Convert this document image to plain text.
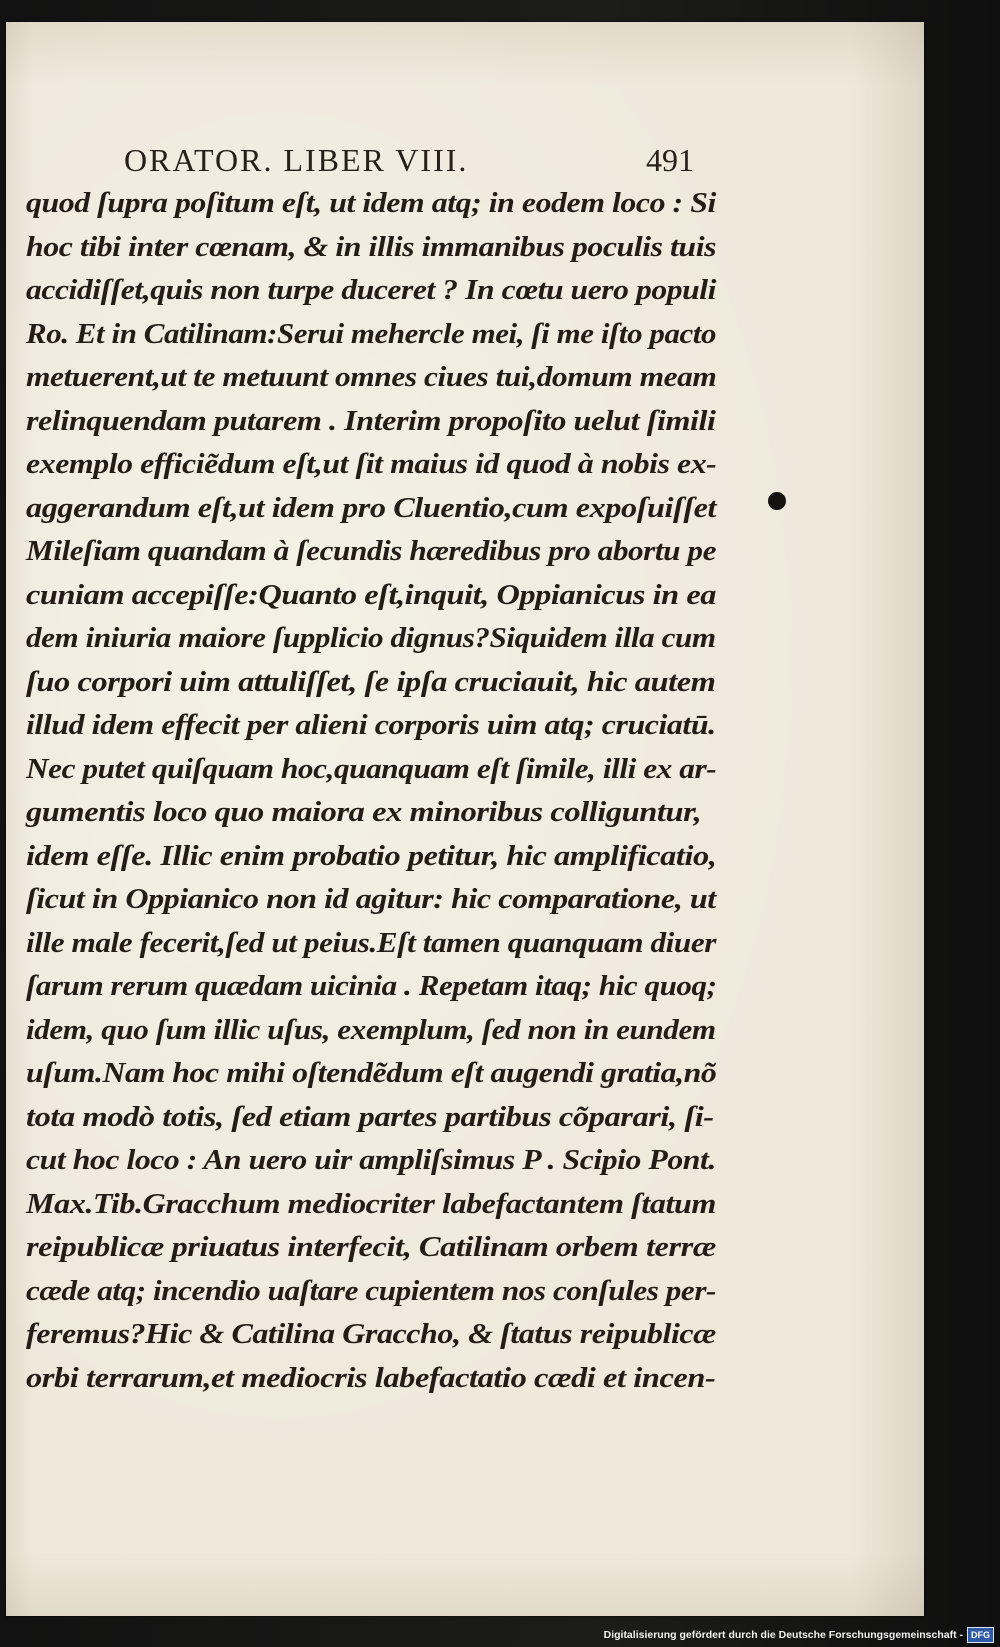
ORATOR. LIBER VIII.	491
quod ſupra poſitum eſt, ut idem atq; in eodem loco : Si
hoc tibi inter cœnam, & in illis immanibus poculis tuis
accidiſſet,quis non turpe duceret ? In cœtu uero populi
Ro. Et in Catilinam:Serui mehercle mei, ſi me iſto pacto
metuerent,ut te metuunt omnes ciues tui,domum meam
relinquendam putarem . Interim propoſito uelut ſimili
exemplo efficiẽdum eſt,ut ſit maius id quod à nobis ex-
aggerandum eſt,ut idem pro Cluentio,cum expoſuiſſet
Mileſiam quandam à ſecundis hæredibus pro abortu pe
cuniam accepiſſe:Quanto eſt,inquit, Oppianicus in ea
dem iniuria maiore ſupplicio dignus?Siquidem illa cum
ſuo corpori uim attuliſſet, ſe ipſa cruciauit, hic autem
illud idem effecit per alieni corporis uim atq; cruciatū.
Nec putet quiſquam hoc,quanquam eſt ſimile, illi ex ar-
gumentis loco quo maiora ex minoribus colliguntur,
idem eſſe. Illic enim probatio petitur, hic amplificatio,
ſicut in Oppianico non id agitur: hic comparatione, ut
ille male fecerit,ſed ut peius.Eſt tamen quanquam diuer
ſarum rerum quædam uicinia . Repetam itaq; hic quoq;
idem, quo ſum illic uſus, exemplum, ſed non in eundem
uſum.Nam hoc mihi oſtendẽdum eſt augendi gratia,nõ
tota modò totis, ſed etiam partes partibus cõparari, ſi-
cut hoc loco : An uero uir ampliſsimus P . Scipio Pont.
Max.Tib.Gracchum mediocriter labefactantem ſtatum
reipublicæ priuatus interfecit, Catilinam orbem terræ
cæde atq; incendio uaſtare cupientem nos conſules per-
feremus?Hic & Catilina Graccho, & ſtatus reipublicæ
orbi terrarum,et mediocris labefactatio cædi et incen-
Digitalisierung gefördert durch die Deutsche Forschungsgemeinschaft - DFG
